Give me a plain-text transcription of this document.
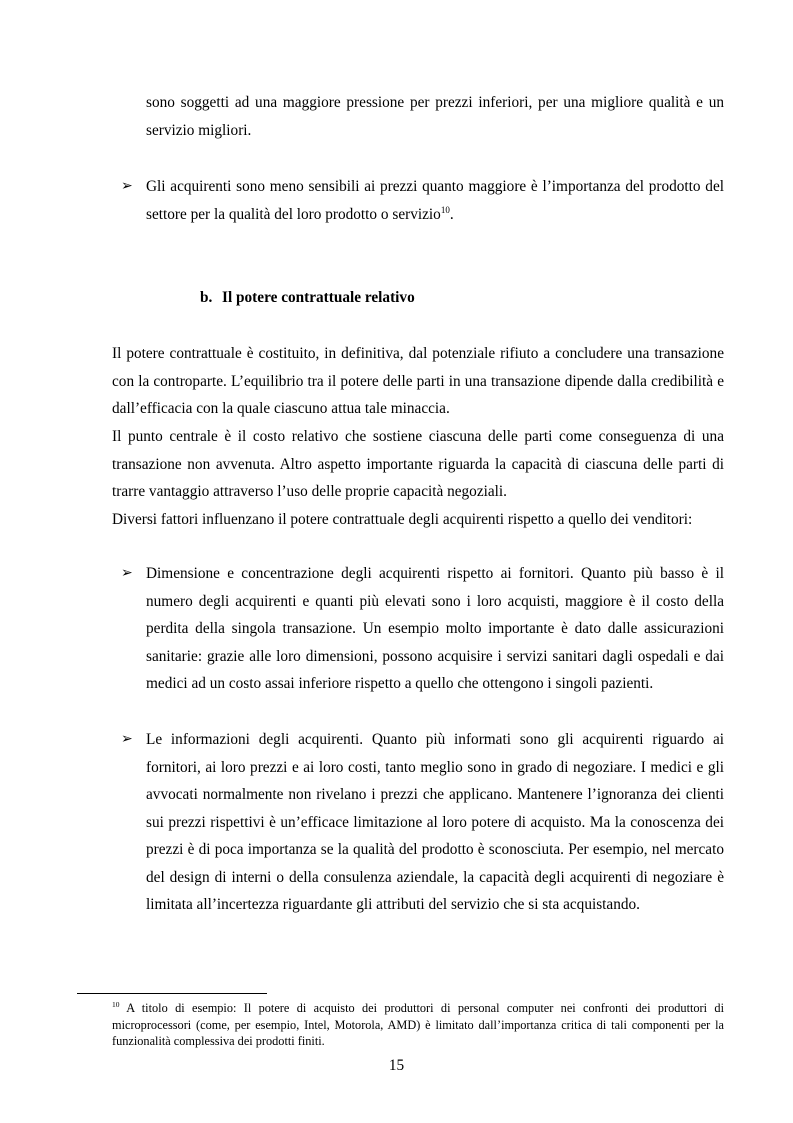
sono soggetti ad una maggiore pressione per prezzi inferiori, per una migliore qualità e un servizio migliori.

➢ Gli acquirenti sono meno sensibili ai prezzi quanto maggiore è l’importanza del prodotto del settore per la qualità del loro prodotto o servizio$^{10}$.

b. Il potere contrattuale relativo

Il potere contrattuale è costituito, in definitiva, dal potenziale rifiuto a concludere una transazione con la controparte. L’equilibrio tra il potere delle parti in una transazione dipende dalla credibilità e dall’efficacia con la quale ciascuno attua tale minaccia.

Il punto centrale è il costo relativo che sostiene ciascuna delle parti come conseguenza di una transazione non avvenuta. Altro aspetto importante riguarda la capacità di ciascuna delle parti di trarre vantaggio attraverso l’uso delle proprie capacità negoziali.

Diversi fattori influenzano il potere contrattuale degli acquirenti rispetto a quello dei venditori:

➢ Dimensione e concentrazione degli acquirenti rispetto ai fornitori. Quanto più basso è il numero degli acquirenti e quanti più elevati sono i loro acquisti, maggiore è il costo della perdita della singola transazione. Un esempio molto importante è dato dalle assicurazioni sanitarie: grazie alle loro dimensioni, possono acquisire i servizi sanitari dagli ospedali e dai medici ad un costo assai inferiore rispetto a quello che ottengono i singoli pazienti.

➢ Le informazioni degli acquirenti. Quanto più informati sono gli acquirenti riguardo ai fornitori, ai loro prezzi e ai loro costi, tanto meglio sono in grado di negoziare. I medici e gli avvocati normalmente non rivelano i prezzi che applicano. Mantenere l’ignoranza dei clienti sui prezzi rispettivi è un’efficace limitazione al loro potere di acquisto. Ma la conoscenza dei prezzi è di poca importanza se la qualità del prodotto è sconosciuta. Per esempio, nel mercato del design di interni o della consulenza aziendale, la capacità degli acquirenti di negoziare è limitata all’incertezza riguardante gli attributi del servizio che si sta acquistando.

$^{10}$ A titolo di esempio: Il potere di acquisto dei produttori di personal computer nei confronti dei produttori di microprocessori (come, per esempio, Intel, Motorola, AMD) è limitato dall’importanza critica di tali componenti per la funzionalità complessiva dei prodotti finiti.
15
